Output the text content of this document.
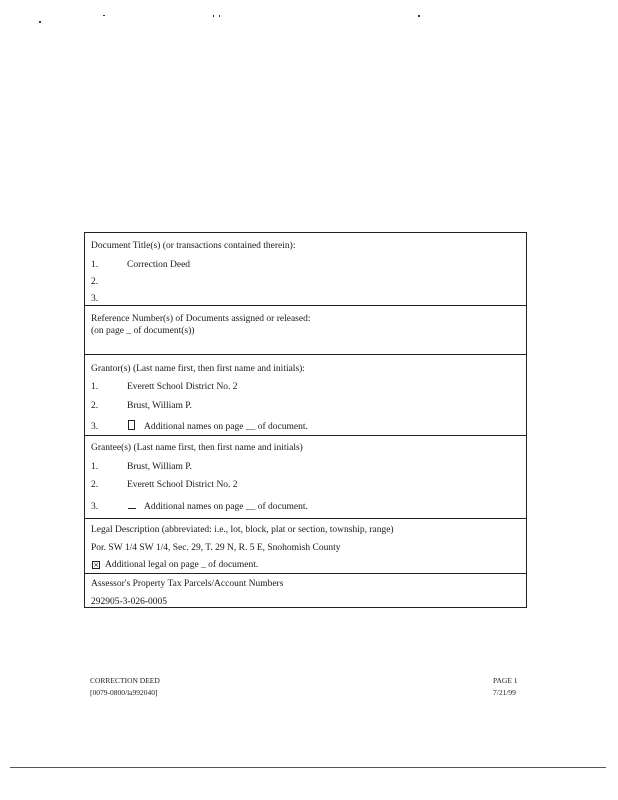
Document Title(s) (or transactions contained therein):
1.	Correction Deed
2.
3.
Reference Number(s) of Documents assigned or released:
(on page _ of document(s))
Grantor(s) (Last name first, then first name and initials):
1.	Everett School District No. 2
2.	Brust, William P.
3.	Additional names on page __ of document.
Grantee(s) (Last name first, then first name and initials)
1.	Brust, William P.
2.	Everett School District No. 2
3.	Additional names on page __ of document.
Legal Description (abbreviated: i.e., lot, block, plat or section, township, range)
Por. SW 1/4 SW 1/4, Sec. 29, T. 29 N, R. 5 E, Snohomish County
× Additional legal on page _ of document.
Assessor's Property Tax Parcels/Account Numbers
292905-3-026-0005
CORRECTION DEED
[0079-0800/la992040]
PAGE 1
7/21/99
